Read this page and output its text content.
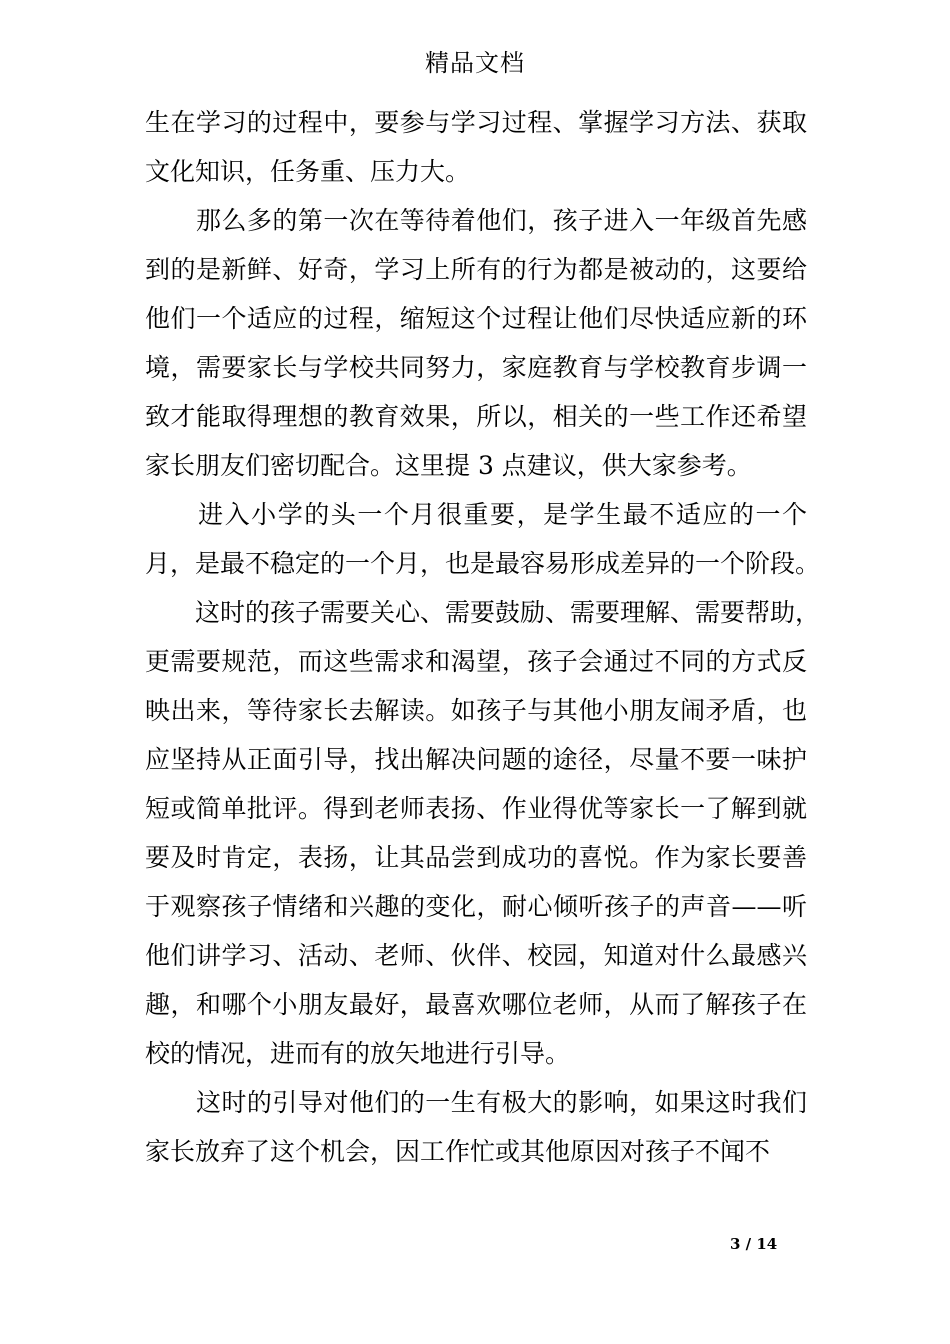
精品文档
生在学习的过程中，要参与学习过程、掌握学习方法、获取
文化知识，任务重、压力大。
　　那么多的第一次在等待着他们，孩子进入一年级首先感
到的是新鲜、好奇，学习上所有的行为都是被动的，这要给
他们一个适应的过程，缩短这个过程让他们尽快适应新的环
境，需要家长与学校共同努力，家庭教育与学校教育步调一
致才能取得理想的教育效果，所以，相关的一些工作还希望
家长朋友们密切配合。这里提 3 点建议，供大家参考。
　　进入小学的头一个月很重要，是学生最不适应的一个
月，是最不稳定的一个月，也是最容易形成差异的一个阶段。
　　这时的孩子需要关心、需要鼓励、需要理解、需要帮助，
更需要规范，而这些需求和渴望，孩子会通过不同的方式反
映出来，等待家长去解读。如孩子与其他小朋友闹矛盾，也
应坚持从正面引导，找出解决问题的途径，尽量不要一味护
短或简单批评。得到老师表扬、作业得优等家长一了解到就
要及时肯定，表扬，让其品尝到成功的喜悦。作为家长要善
于观察孩子情绪和兴趣的变化，耐心倾听孩子的声音——听
他们讲学习、活动、老师、伙伴、校园，知道对什么最感兴
趣，和哪个小朋友最好，最喜欢哪位老师，从而了解孩子在
校的情况，进而有的放矢地进行引导。
　　这时的引导对他们的一生有极大的影响，如果这时我们
家长放弃了这个机会，因工作忙或其他原因对孩子不闻不
3 / 14
